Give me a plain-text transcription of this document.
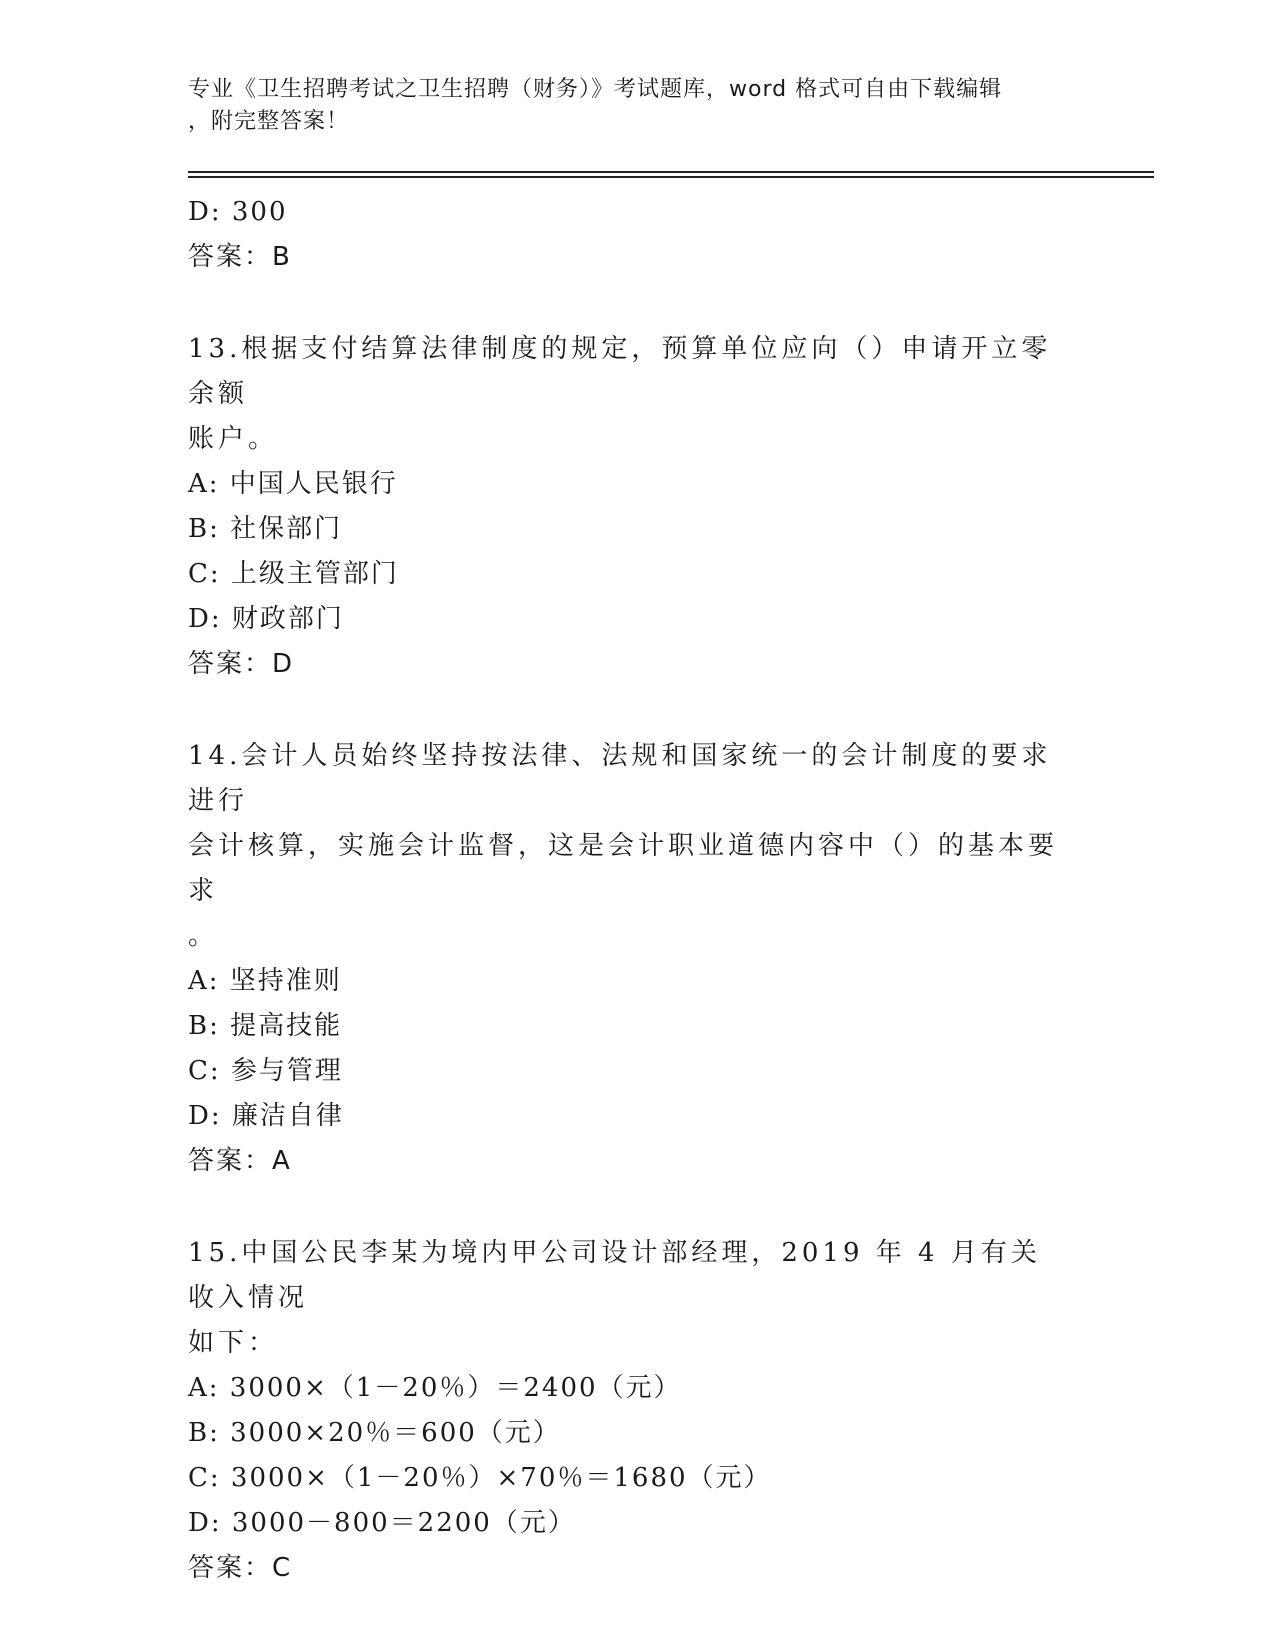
专业《卫生招聘考试之卫生招聘（财务）》考试题库，word 格式可自由下载编辑
，附完整答案！
D: 300
答案：B
13.根据支付结算法律制度的规定，预算单位应向（）申请开立零余额
账户。
A: 中国人民银行
B: 社保部门
C: 上级主管部门
D: 财政部门
答案：D
14.会计人员始终坚持按法律、法规和国家统一的会计制度的要求进行
会计核算，实施会计监督，这是会计职业道德内容中（）的基本要求
。
A: 坚持准则
B: 提高技能
C: 参与管理
D: 廉洁自律
答案：A
15.中国公民李某为境内甲公司设计部经理，2019 年 4 月有关收入情况
如下：
A: 3000×（1－20％）＝2400（元）
B: 3000×20％＝600（元）
C: 3000×（1－20％）×70％＝1680（元）
D: 3000－800＝2200（元）
答案：C
